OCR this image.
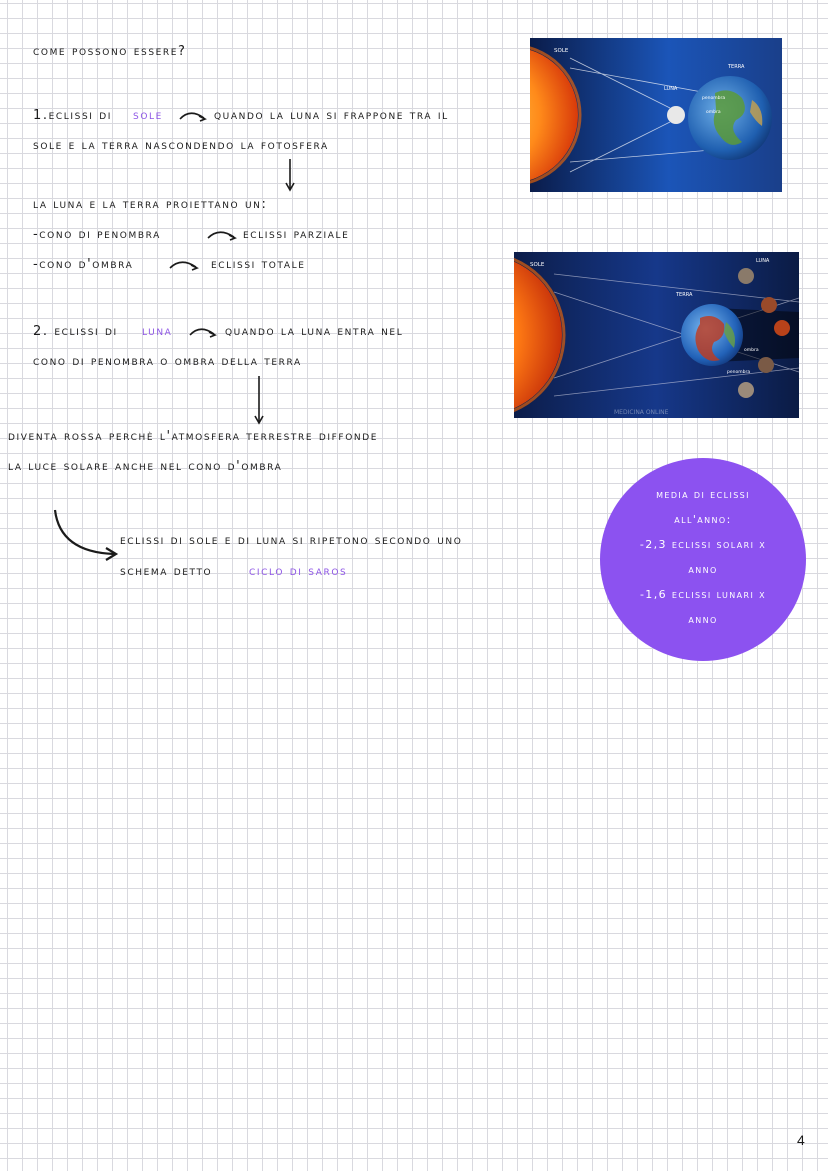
come possono essere?
1.eclissi di sole	quando la luna si frappone tra il
sole e la terra nascondendo la fotosfera
la luna e la terra proiettano un:
-cono di penombra	eclissi parziale
-cono d'ombra	eclissi totale
2. eclissi di luna	quando la luna entra nel
cono di penombra o ombra della terra
diventa rossa perchè l'atmosfera terrestre diffonde
la luce solare anche nel cono d'ombra
eclissi di sole e di luna si ripetono secondo uno
schema detto	ciclo di saros
SOLE
TERRA
LUNA
penombra
ombra
SOLE
TERRA
LUNA
ombra
penombra
MEDICINA ONLINE
media di eclissi
all'anno:
-2,3 eclissi solari x
anno
-1,6 eclissi lunari x
anno
4
